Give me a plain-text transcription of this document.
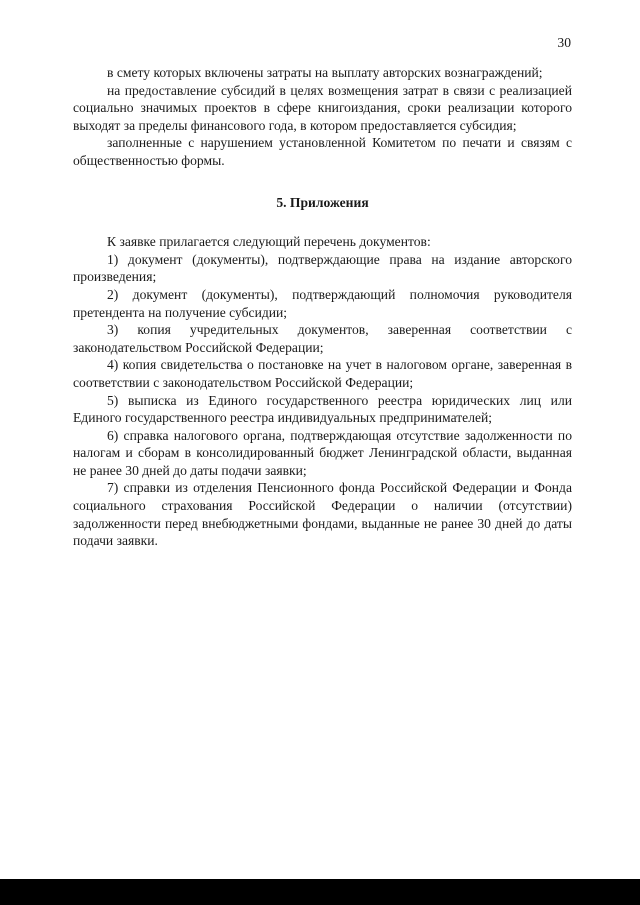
30

в смету которых включены затраты на выплату авторских вознаграждений;

на предоставление субсидий в целях возмещения затрат в связи с реализацией социально значимых проектов в сфере книгоиздания, сроки реализации которого выходят за пределы финансового года, в котором предоставляется субсидия;

заполненные с нарушением установленной Комитетом по печати и связям с общественностью формы.

5. Приложения

К заявке прилагается следующий перечень документов:

1) документ (документы), подтверждающие права на издание авторского произведения;

2) документ (документы), подтверждающий полномочия руководителя претендента на получение субсидии;

3) копия учредительных документов, заверенная соответствии с законодательством Российской Федерации;

4) копия свидетельства о постановке на учет в налоговом органе, заверенная в соответствии с законодательством Российской Федерации;

5) выписка из Единого государственного реестра юридических лиц или Единого государственного реестра индивидуальных предпринимателей;

6) справка налогового органа, подтверждающая отсутствие задолженности по налогам и сборам в консолидированный бюджет Ленинградской области, выданная не ранее 30 дней до даты подачи заявки;

7) справки из отделения Пенсионного фонда Российской Федерации и Фонда социального страхования Российской Федерации о наличии (отсутствии) задолженности перед внебюджетными фондами, выданные не ранее 30 дней до даты подачи заявки.
